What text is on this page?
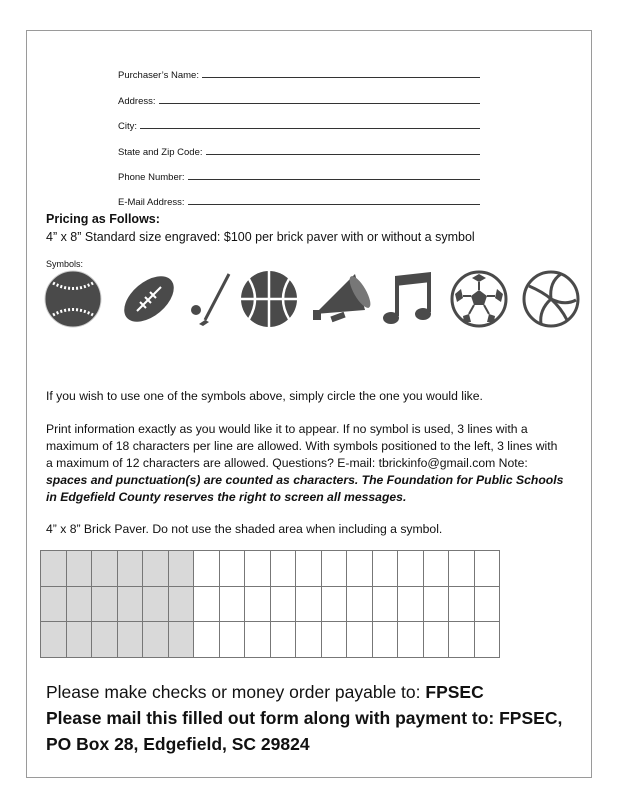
Purchaser’s Name:
Address:
City:
State and Zip Code:
Phone Number:
E-Mail Address:
Pricing as Follows:
4” x 8” Standard size engraved: $100 per brick paver with or without a symbol
Symbols:
If you wish to use one of the symbols above, simply circle the one you would like.
Print information exactly as you would like it to appear. If no symbol is used, 3 lines with a maximum of 18 characters per line are allowed. With symbols positioned to the left, 3 lines with a maximum of 12 characters are allowed. Questions? E-mail: tbrickinfo@gmail.com Note: spaces and punctuation(s) are counted as characters. The Foundation for Public Schools in Edgefield County reserves the right to screen all messages.
4” x 8” Brick Paver. Do not use the shaded area when including a symbol.

Please make checks or money order payable to: FPSEC
Please mail this filled out form along with payment to: FPSEC,
PO Box 28, Edgefield, SC 29824
